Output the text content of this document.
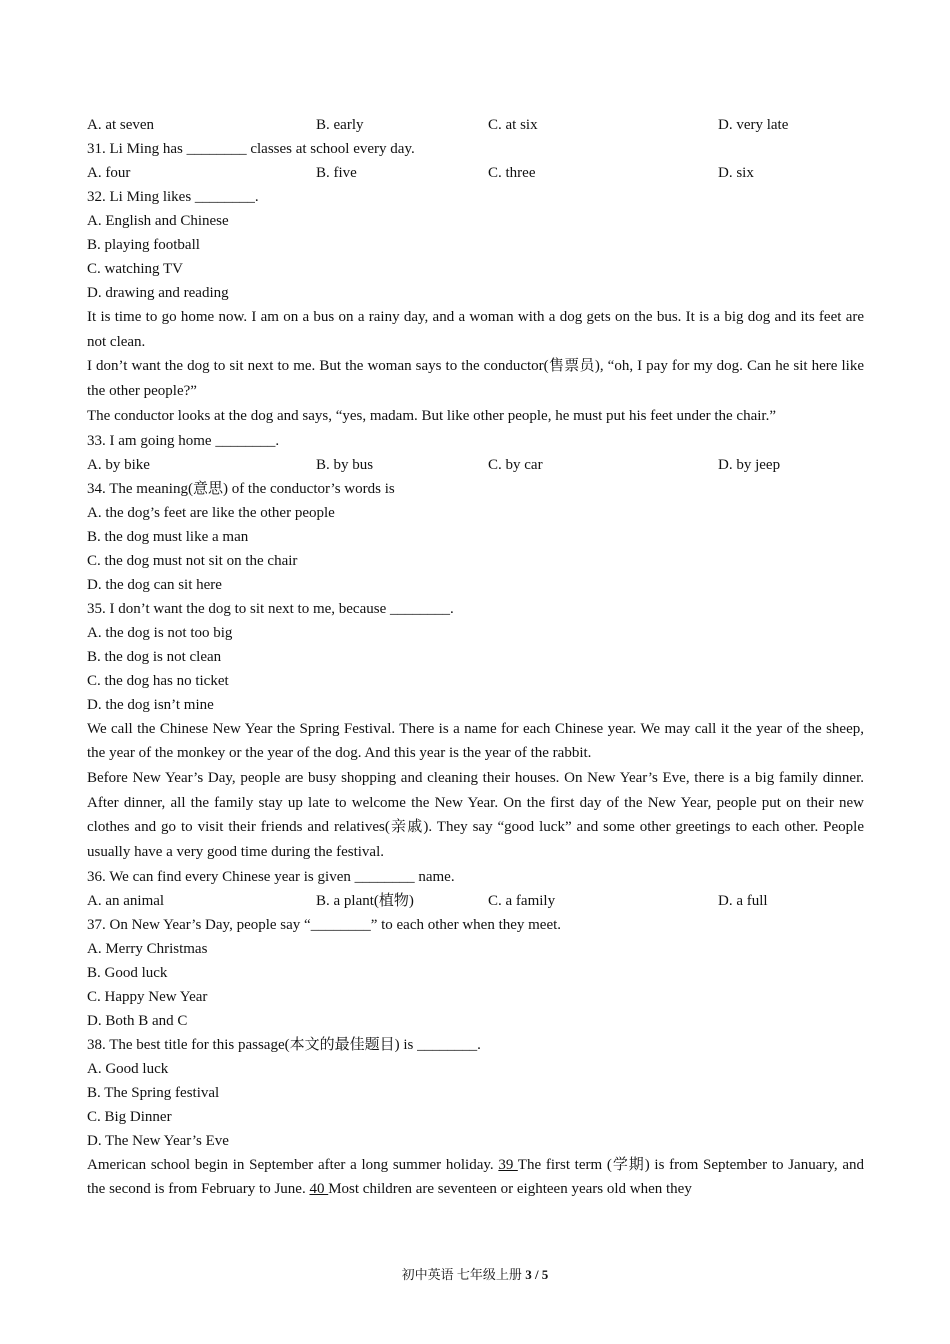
A. at seven	B. early	C. at six	D. very late
31. Li Ming has ________ classes at school every day.
A. four	B. five	C. three	D. six
32. Li Ming likes ________.
A. English and Chinese
B. playing football
C. watching TV
D. drawing and reading
It is time to go home now. I am on a bus on a rainy day, and a woman with a dog gets on the bus. It is a big dog and its feet are not clean.
I don’t want the dog to sit next to me. But the woman says to the conductor(售票员), “oh, I pay for my dog. Can he sit here like the other people?”
The conductor looks at the dog and says, “yes, madam. But like other people, he must put his feet under the chair.”
33. I am going home ________.
A. by bike	B. by bus	C. by car	D. by jeep
34. The meaning(意思) of the conductor’s words is
A. the dog’s feet are like the other people
B. the dog must like a man
C. the dog must not sit on the chair
D. the dog can sit here
35. I don’t want the dog to sit next to me, because ________.
A. the dog is not too big
B. the dog is not clean
C. the dog has no ticket
D. the dog isn’t mine
We call the Chinese New Year the Spring Festival. There is a name for each Chinese year. We may call it the year of the sheep, the year of the monkey or the year of the dog. And this year is the year of the rabbit.
Before New Year’s Day, people are busy shopping and cleaning their houses. On New Year’s Eve, there is a big family dinner. After dinner, all the family stay up late to welcome the New Year. On the first day of the New Year, people put on their new clothes and go to visit their friends and relatives(亲戚). They say “good luck” and some other greetings to each other. People usually have a very good time during the festival.
36. We can find every Chinese year is given ________ name.
A. an animal	B. a plant(植物)	C. a family	D. a full
37. On New Year’s Day, people say “________” to each other when they meet.
A. Merry Christmas
B. Good luck
C. Happy New Year
D. Both B and C
38. The best title for this passage(本文的最佳题目) is ________.
A. Good luck
B. The Spring festival
C. Big Dinner
D. The New Year’s Eve
American school begin in September after a long summer holiday. 39 The first term (学期) is from September to January, and the second is from February to June. 40 Most children are seventeen or eighteen years old when they
初中英语 七年级上册 3 / 5
